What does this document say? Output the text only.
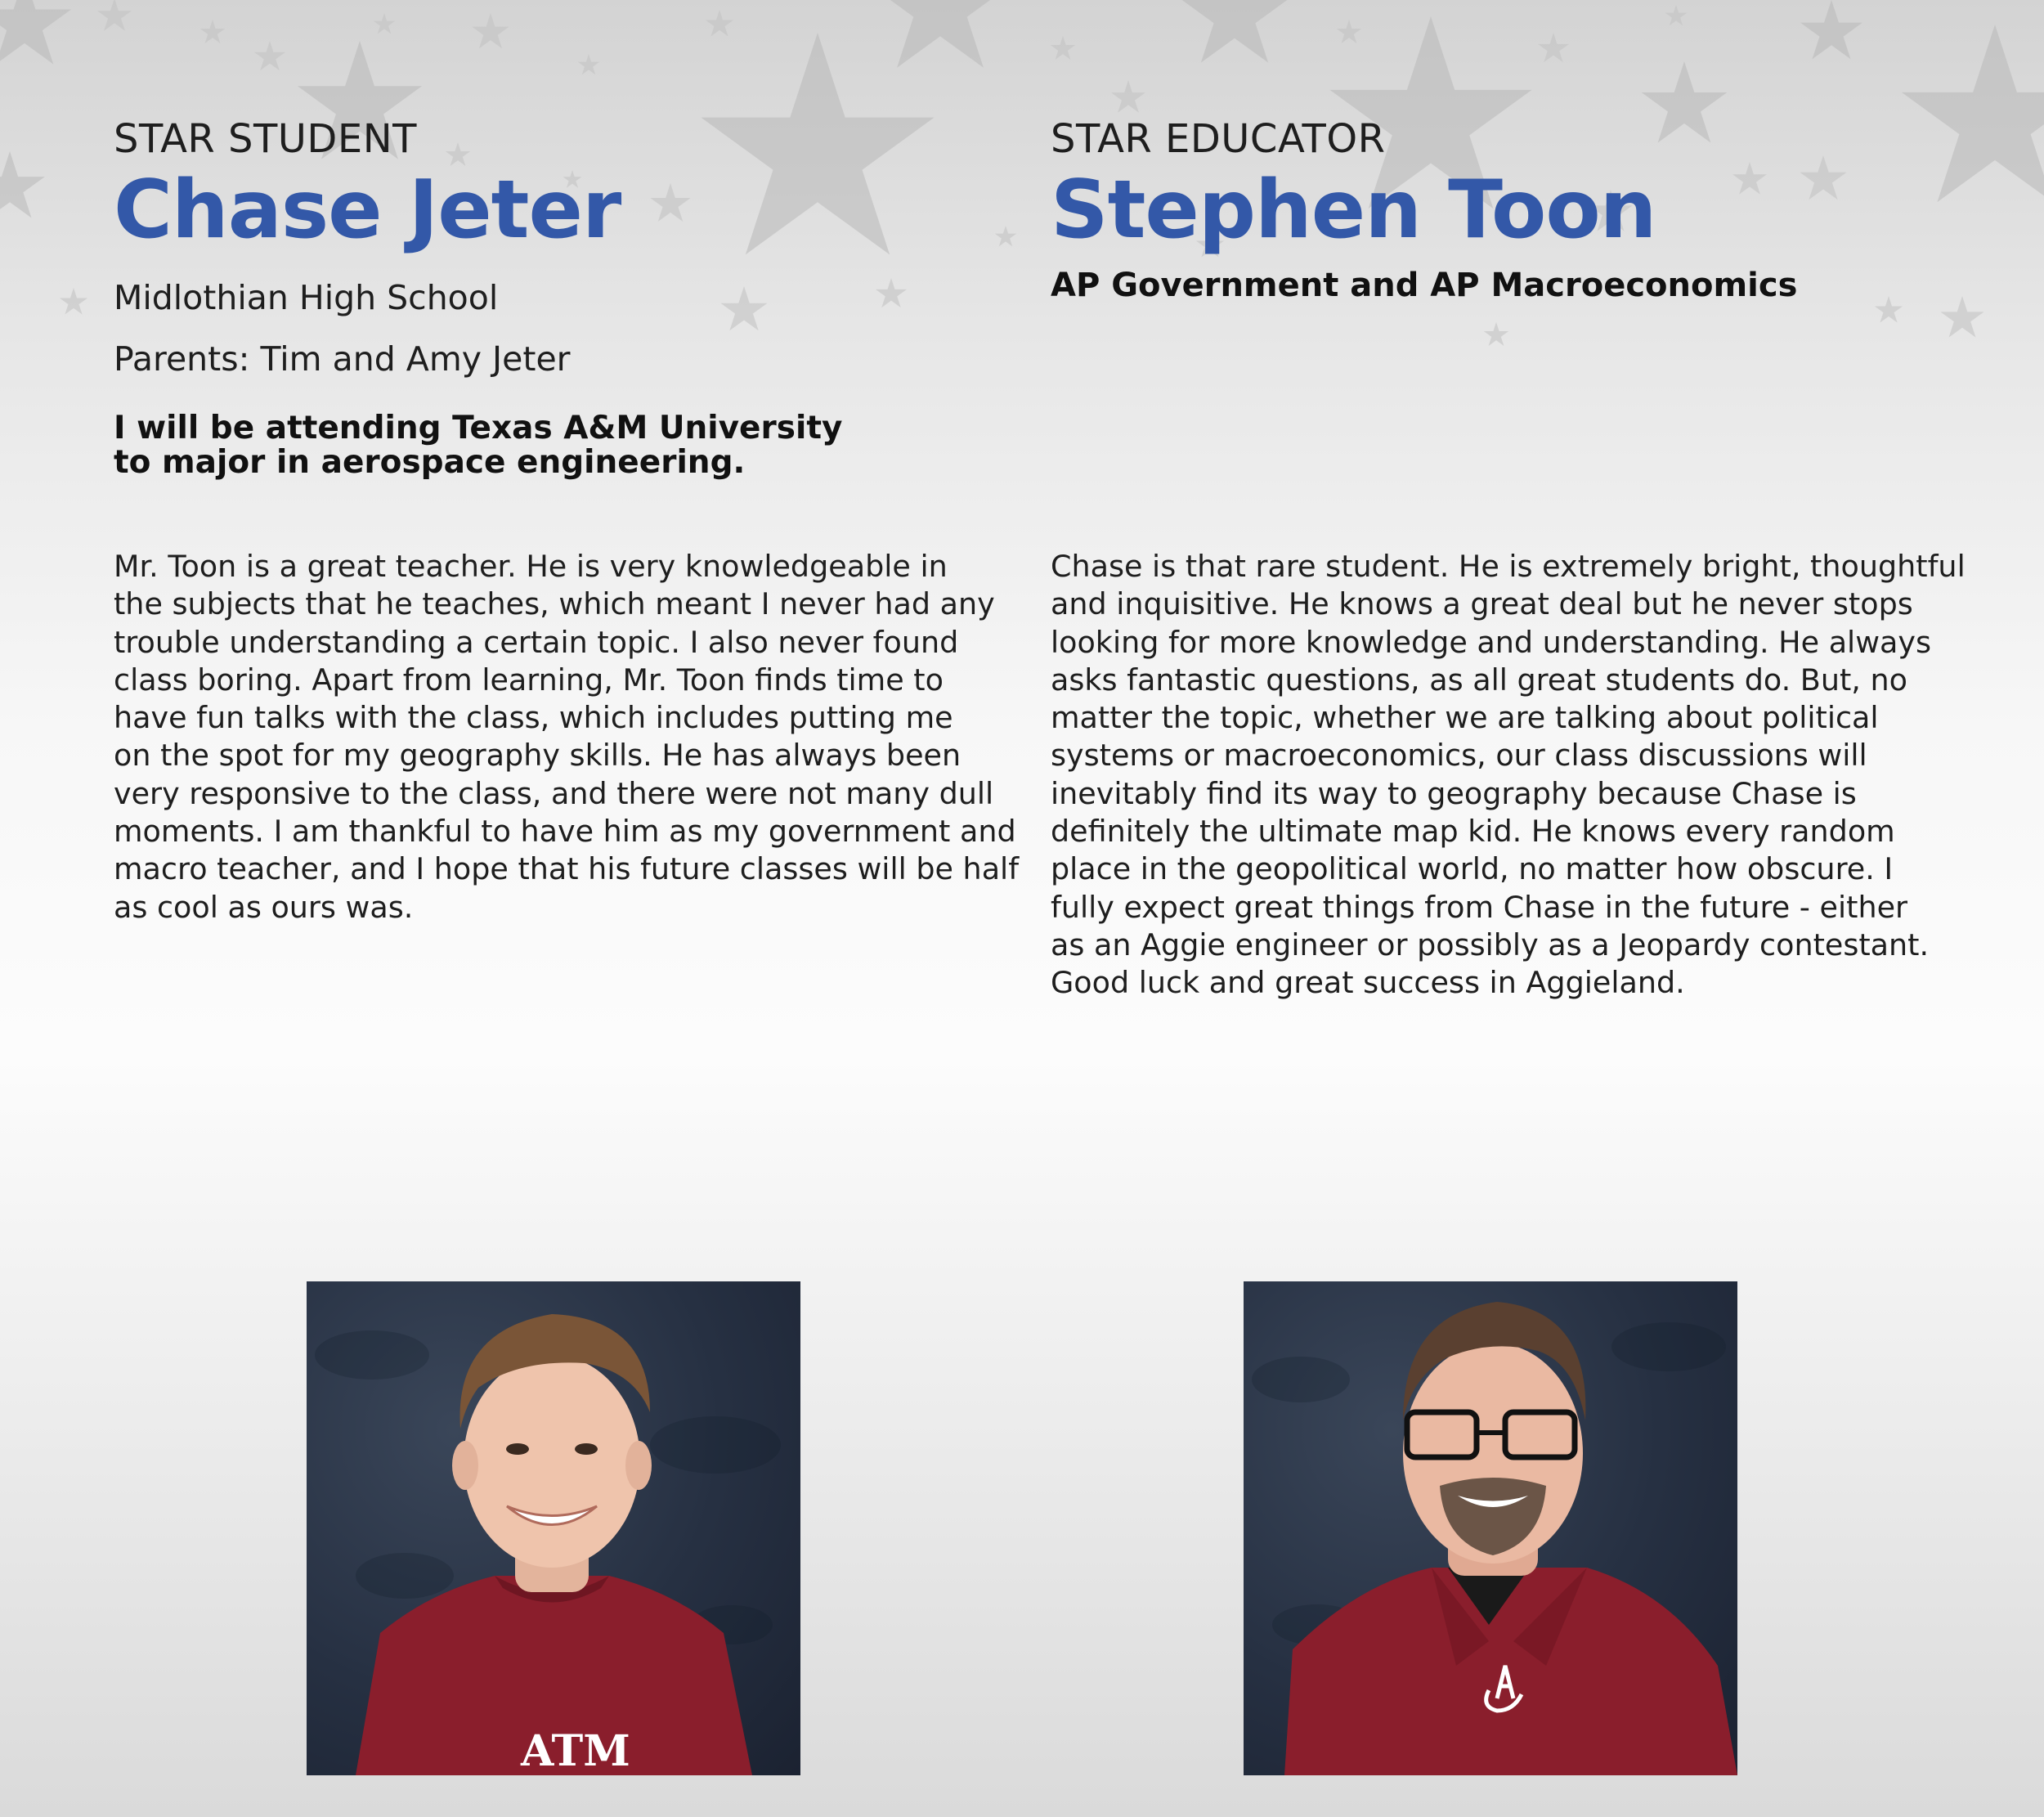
STAR STUDENT
Chase Jeter
Midlothian High School
Parents: Tim and Amy Jeter
I will be attending Texas A&M University
to major in aerospace engineering.
Mr. Toon is a great teacher. He is very knowledgeable in
the subjects that he teaches, which meant I never had any
trouble understanding a certain topic. I also never found
class boring. Apart from learning, Mr. Toon finds time to
have fun talks with the class, which includes putting me
on the spot for my geography skills. He has always been
very responsive to the class, and there were not many dull
moments. I am thankful to have him as my government and
macro teacher, and I hope that his future classes will be half
as cool as ours was.
STAR EDUCATOR
Stephen Toon
AP Government and AP Macroeconomics
Chase is that rare student. He is extremely bright, thoughtful
and inquisitive. He knows a great deal but he never stops
looking for more knowledge and understanding. He always
asks fantastic questions, as all great students do. But, no
matter the topic, whether we are talking about political
systems or macroeconomics, our class discussions will
inevitably find its way to geography because Chase is
definitely the ultimate map kid. He knows every random
place in the geopolitical world, no matter how obscure. I
fully expect great things from Chase in the future - either
as an Aggie engineer or possibly as a Jeopardy contestant.
Good luck and great success in Aggieland.
ATM
